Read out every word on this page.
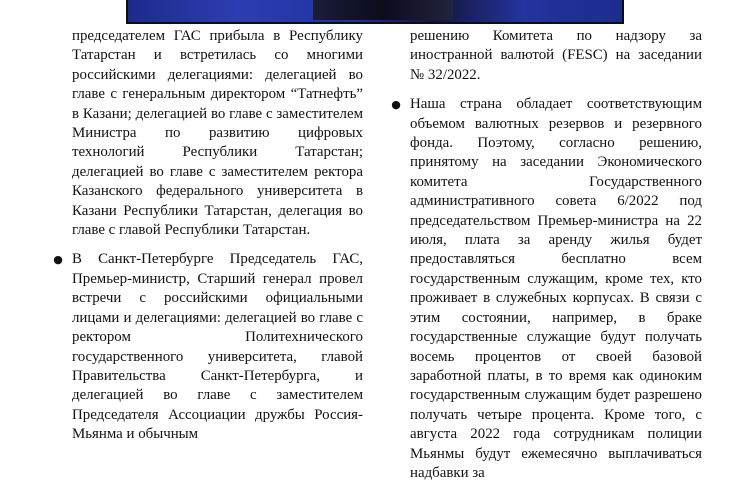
председателем ГАС прибыла в Республику Татарстан и встретилась со многими российскими делегациями: делегацией во главе с генеральным директором “Татнефть” в Казани; делегацией во главе с заместителем Министра по развитию цифровых технологий Республики Татарстан; делегацией во главе с заместителем ректора Казанского федерального университета в Казани Республики Татарстан, делегация во главе с главой Республики Татарстан.

● В Санкт-Петербурге Председатель ГАС, Премьер-министр, Старший генерал провел встречи с российскими официальными лицами и делегациями: делегацией во главе с ректором Политехнического государственного университета, главой Правительства Санкт-Петербурга, и делегацией во главе с заместителем Председателя Ассоциации дружбы Россия-Мьянма и обычным

решению Комитета по надзору за иностранной валютой (FESC) на заседании № 32/2022.

● Наша страна обладает соответствующим объемом валютных резервов и резервного фонда. Поэтому, согласно решению, принятому на заседании Экономического комитета Государственного административного совета 6/2022 под председательством Премьер-министра на 22 июля, плата за аренду жилья будет предоставляться бесплатно всем государственным служащим, кроме тех, кто проживает в служебных корпусах. В связи с этим состоянии, например, в браке государственные служащие будут получать восемь процентов от своей базовой заработной платы, в то время как одиноким государственным служащим будет разрешено получать четыре процента. Кроме того, с августа 2022 года сотрудникам полиции Мьянмы будут ежемесячно выплачиваться надбавки за
